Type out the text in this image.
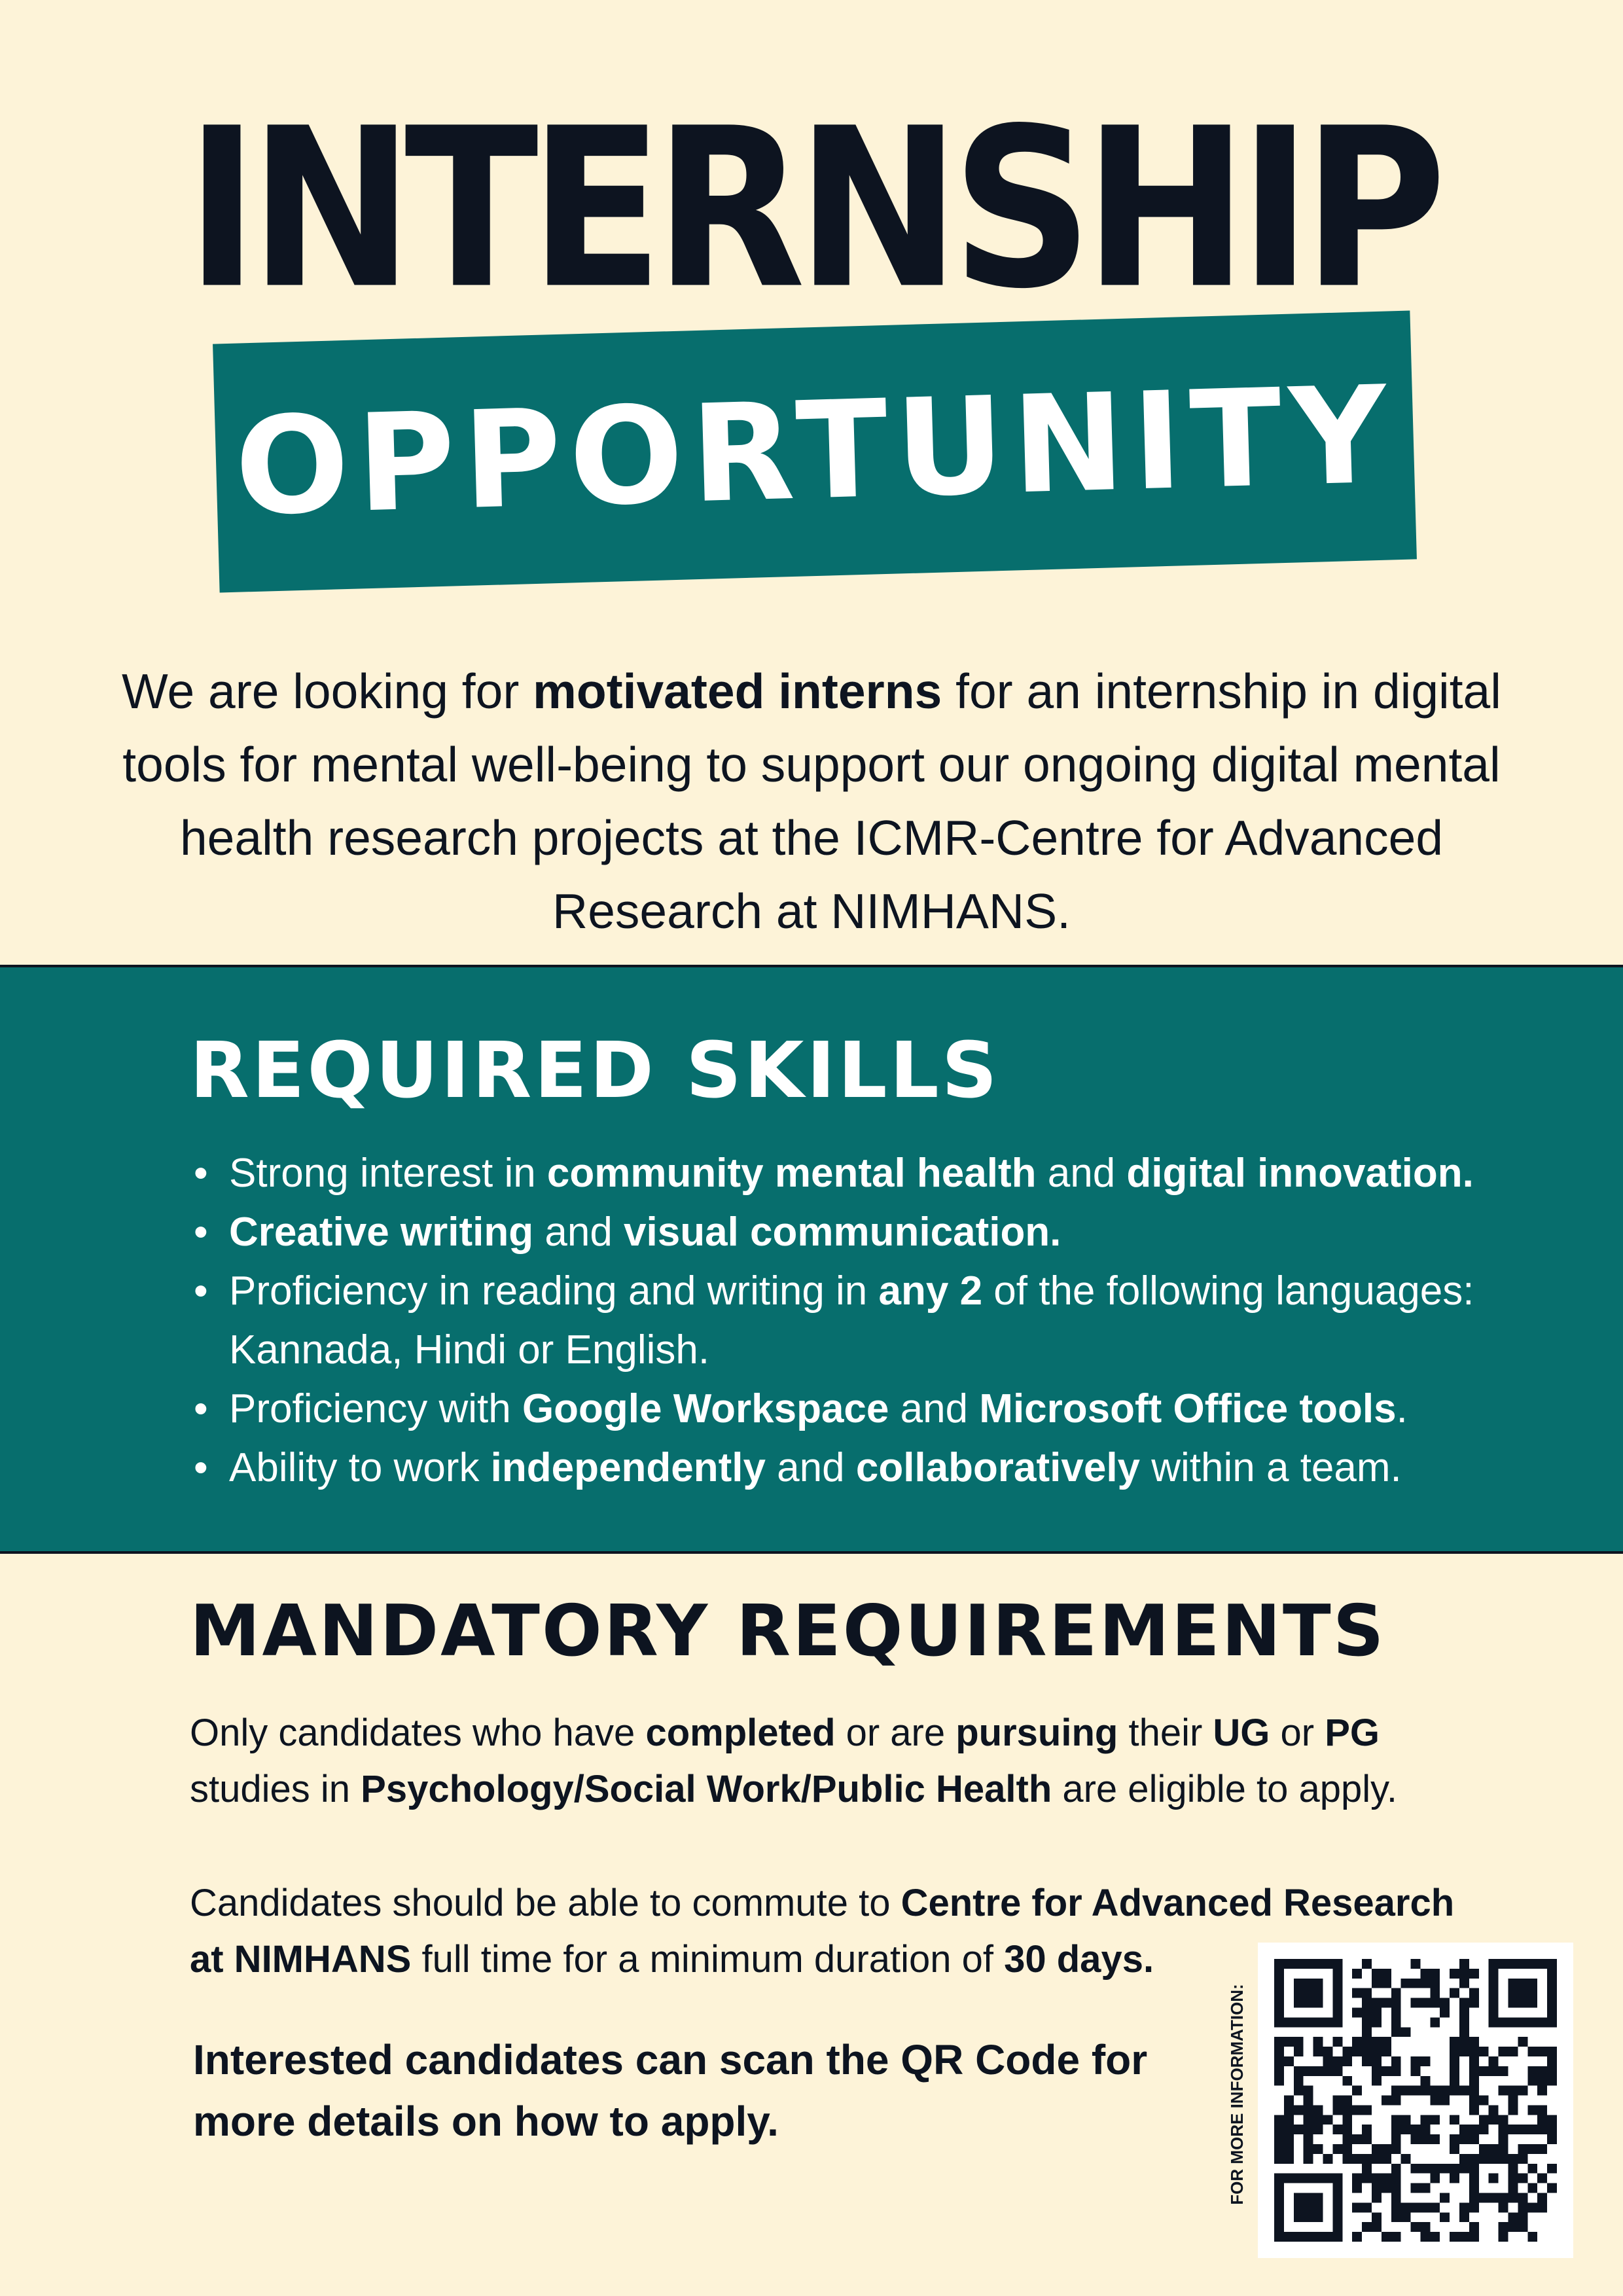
INTERNSHIP
OPPORTUNITY
We are looking for motivated interns for an internship in digital tools for mental well-being to support our ongoing digital mental health research projects at the ICMR-Centre for Advanced Research at NIMHANS.
REQUIRED SKILLS
• Strong interest in community mental health and digital innovation.
• Creative writing and visual communication.
• Proficiency in reading and writing in any 2 of the following languages: Kannada, Hindi or English.
• Proficiency with Google Workspace and Microsoft Office tools.
• Ability to work independently and collaboratively within a team.
MANDATORY REQUIREMENTS
Only candidates who have completed or are pursuing their UG or PG studies in Psychology/Social Work/Public Health are eligible to apply.
Candidates should be able to commute to Centre for Advanced Research at NIMHANS full time for a minimum duration of 30 days.
Interested candidates can scan the QR Code for more details on how to apply.	FOR MORE INFORMATION:
